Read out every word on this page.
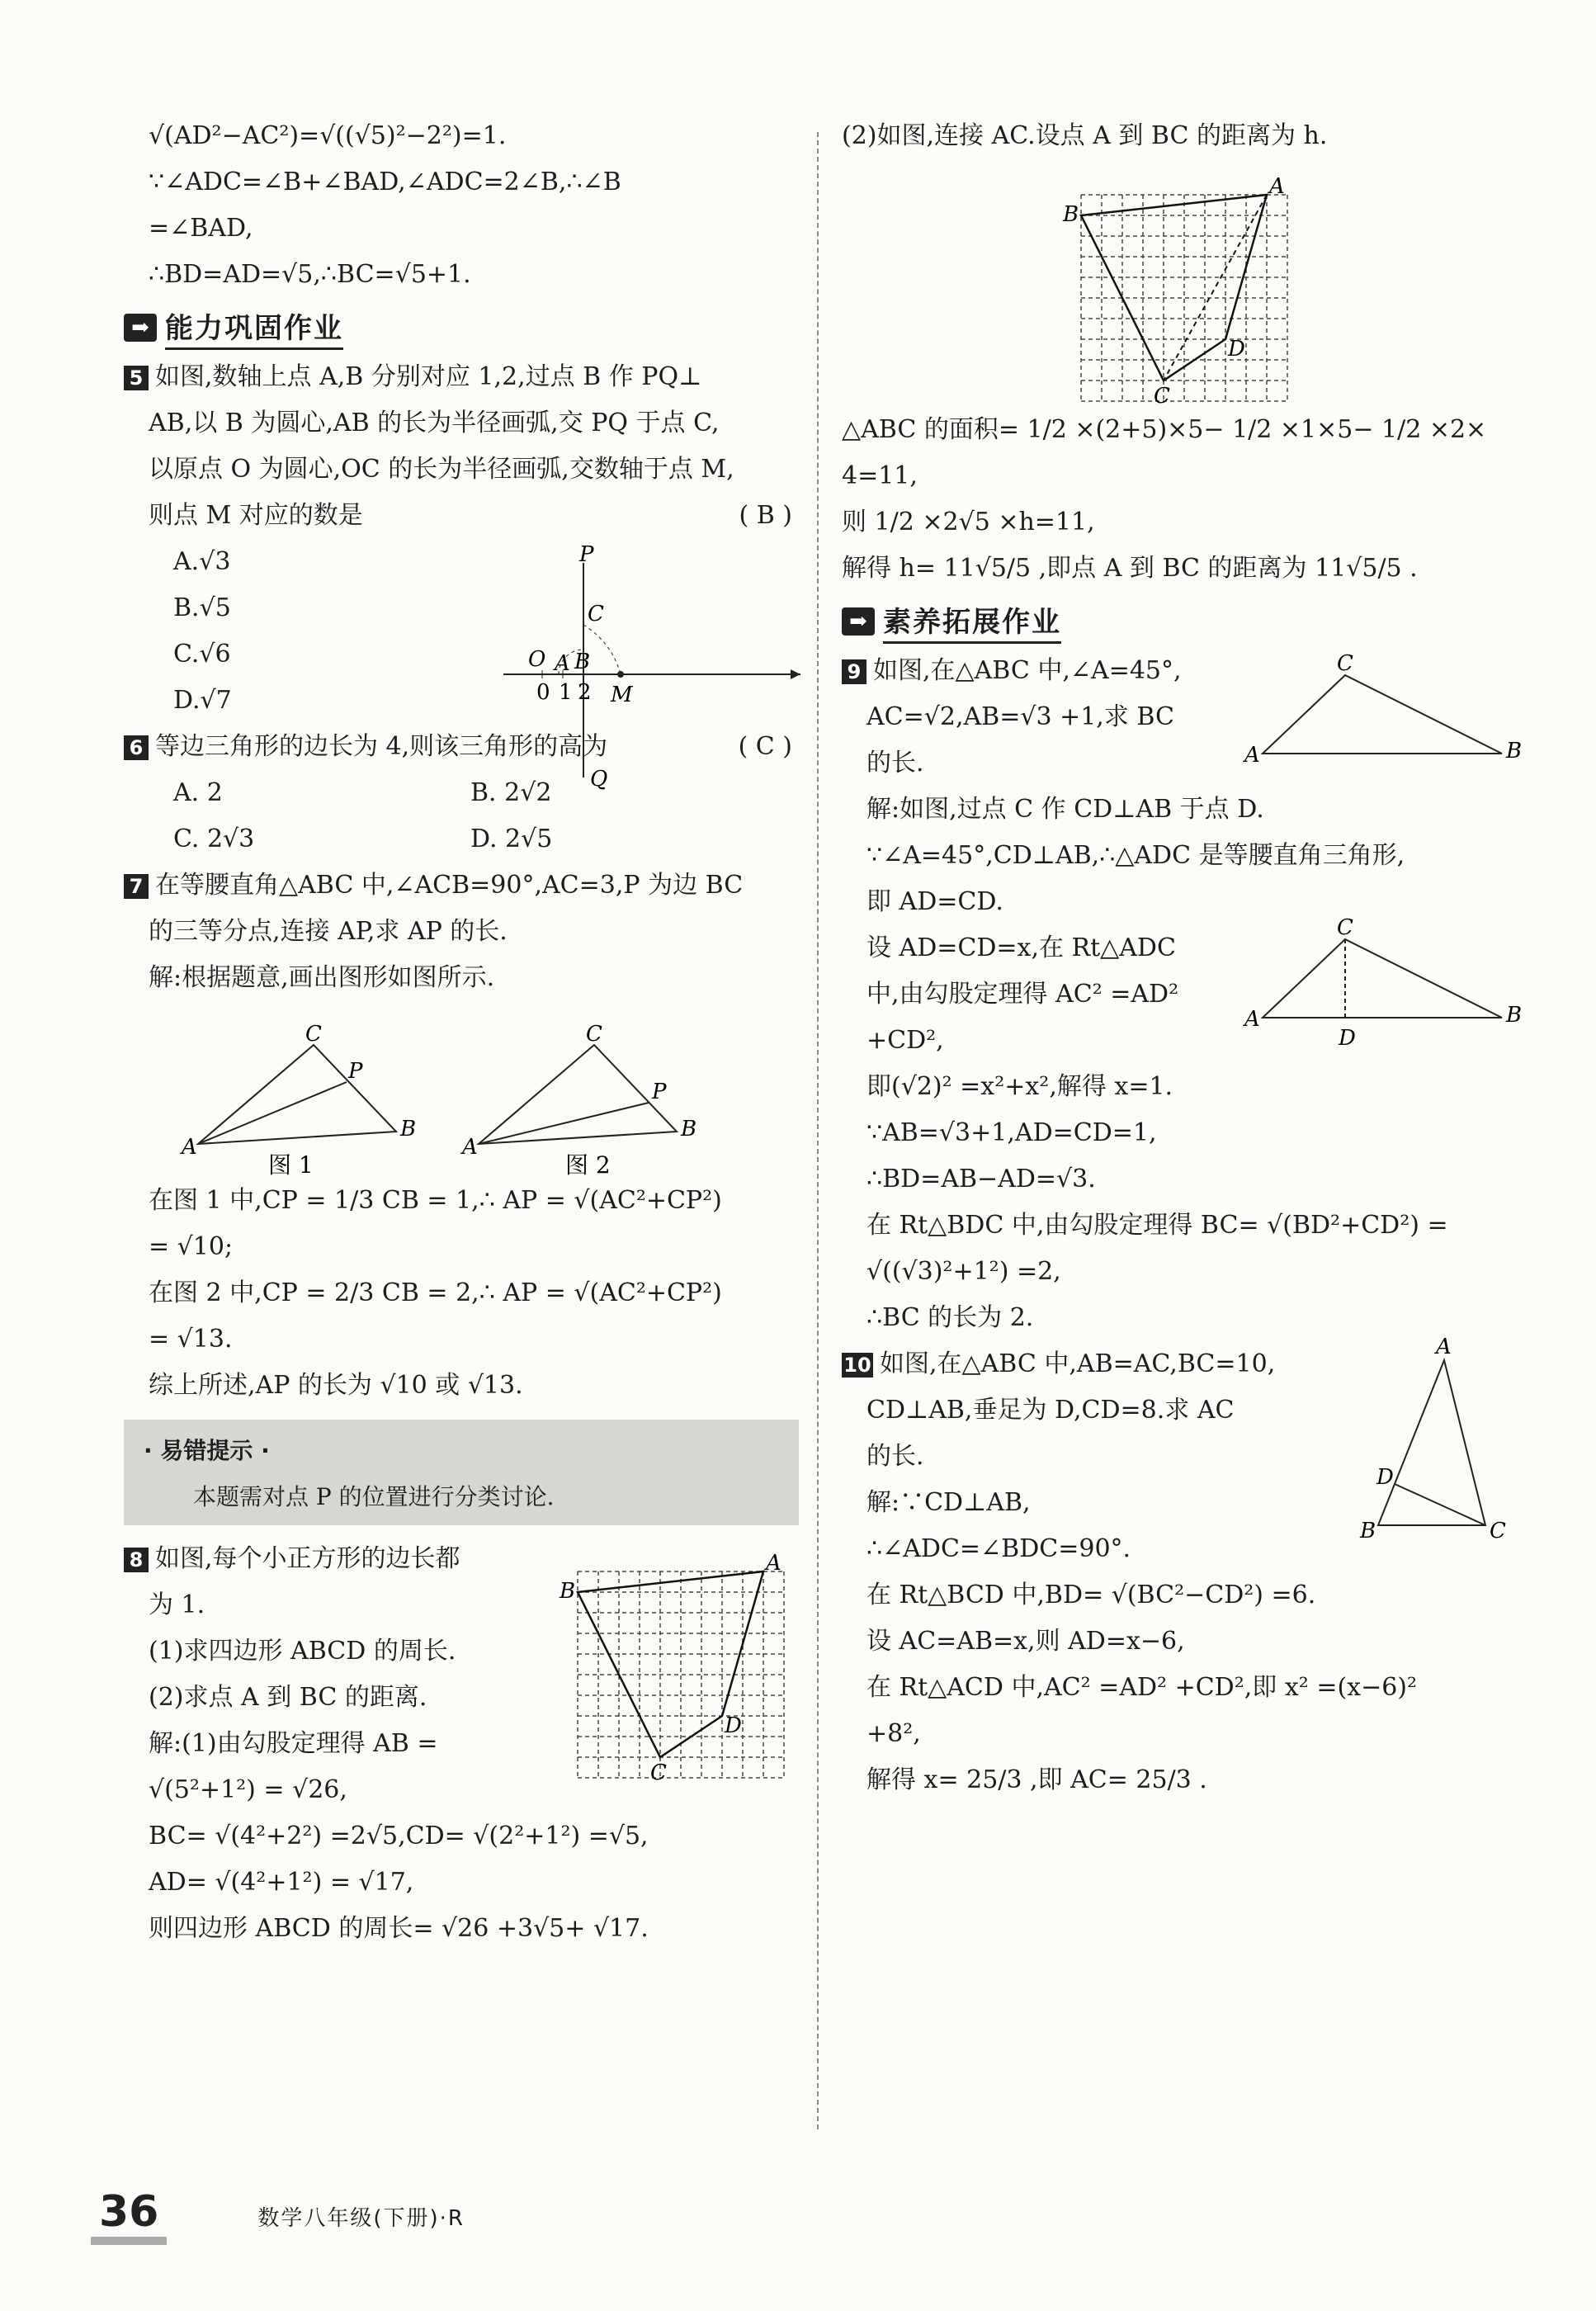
√(AD²−AC²)=√((√5)²−2²)=1.
∵∠ADC=∠B+∠BAD,∠ADC=2∠B,∴∠B
=∠BAD,
∴BD=AD=√5,∴BC=√5+1.
➡ 能力巩固作业
5 如图,数轴上点 A,B 分别对应 1,2,过点 B 作 PQ⊥
AB,以 B 为圆心,AB 的长为半径画弧,交 PQ 于点 C,
以原点 O 为圆心,OC 的长为半径画弧,交数轴于点 M,
则点 M 对应的数是	( B )
A.√3
B.√5
C.√6
D.√7
P
C
O A B
0 1 2 M
Q
6 等边三角形的边长为 4,则该三角形的高为	( C )
A. 2	B. 2√2
C. 2√3	D. 2√5
7 在等腰直角△ABC 中,∠ACB=90°,AC=3,P 为边 BC
的三等分点,连接 AP,求 AP 的长.
解:根据题意,画出图形如图所示.
C
P
A
B
图 1
C
P
A
B
图 2
在图 1 中,CP = 1/3 CB = 1,∴ AP = √(AC²+CP²)
= √10;
在图 2 中,CP = 2/3 CB = 2,∴ AP = √(AC²+CP²)
= √13.
综上所述,AP 的长为 √10 或 √13.
· 易错提示 ·
本题需对点 P 的位置进行分类讨论.
8 如图,每个小正方形的边长都
为 1.
(1)求四边形 ABCD 的周长.
(2)求点 A 到 BC 的距离.
解:(1)由勾股定理得 AB =
√(5²+1²) = √26,
BC= √(4²+2²) =2√5,CD= √(2²+1²) =√5,
AD= √(4²+1²) = √17,
则四边形 ABCD 的周长= √26 +3√5+ √17.
A
B
C
D
(2)如图,连接 AC.设点 A 到 BC 的距离为 h.
A
B
C
D
△ABC 的面积= 1/2 ×(2+5)×5− 1/2 ×1×5− 1/2 ×2×
4=11,
则 1/2 ×2√5 ×h=11,
解得 h= 11√5/5 ,即点 A 到 BC 的距离为 11√5/5 .
➡ 素养拓展作业
9 如图,在△ABC 中,∠A=45°,
AC=√2,AB=√3 +1,求 BC
的长.
解:如图,过点 C 作 CD⊥AB 于点 D.
∵∠A=45°,CD⊥AB,∴△ADC 是等腰直角三角形,
即 AD=CD.
设 AD=CD=x,在 Rt△ADC
中,由勾股定理得 AC² =AD²
+CD²,
即(√2)² =x²+x²,解得 x=1.
∵AB=√3+1,AD=CD=1,
∴BD=AB−AD=√3.
在 Rt△BDC 中,由勾股定理得 BC= √(BD²+CD²) =
√((√3)²+1²) =2,
∴BC 的长为 2.
C
A	B
C
A	B
D
10 如图,在△ABC 中,AB=AC,BC=10,
CD⊥AB,垂足为 D,CD=8.求 AC
的长.
解:∵CD⊥AB,
∴∠ADC=∠BDC=90°.
在 Rt△BCD 中,BD= √(BC²−CD²) =6.
设 AC=AB=x,则 AD=x−6,
在 Rt△ACD 中,AC² =AD² +CD²,即 x² =(x−6)²
+8²,
解得 x= 25/3 ,即 AC= 25/3 .
A
D
B	C
36	数学八年级(下册)·R
